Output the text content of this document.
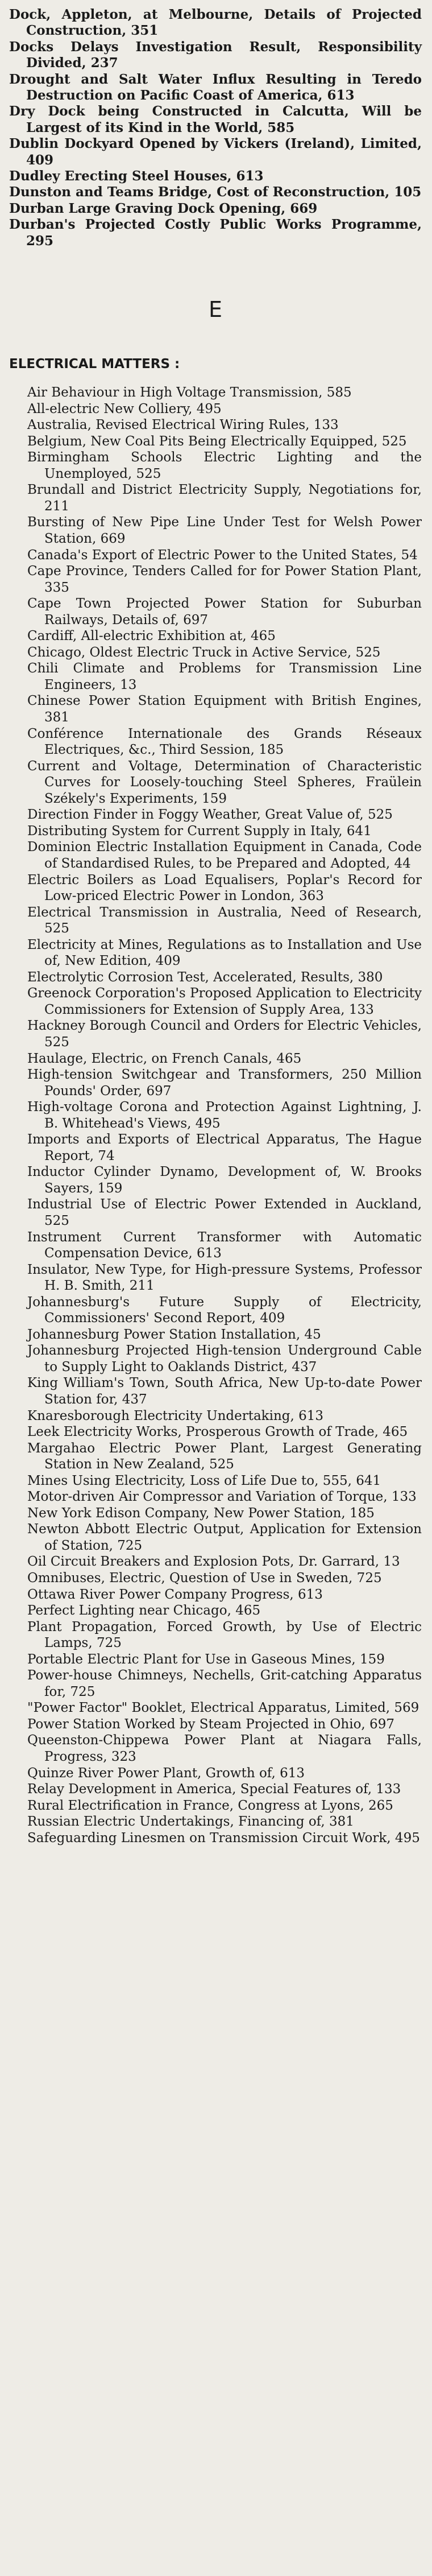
Dock, Appleton, at Melbourne, Details of Projected Construction, 351

Docks Delays Investigation Result, Responsibility Divided, 237

Drought and Salt Water Influx Resulting in Teredo Destruction on Pacific Coast of America, 613

Dry Dock being Constructed in Calcutta, Will be Largest of its Kind in the World, 585

Dublin Dockyard Opened by Vickers (Ireland), Limited, 409

Dudley Erecting Steel Houses, 613

Dunston and Teams Bridge, Cost of Reconstruction, 105

Durban Large Graving Dock Opening, 669

Durban's Projected Costly Public Works Programme, 295

E
ELECTRICAL MATTERS :

Air Behaviour in High Voltage Transmission, 585

All-electric New Colliery, 495

Australia, Revised Electrical Wiring Rules, 133

Belgium, New Coal Pits Being Electrically Equipped, 525

Birmingham Schools Electric Lighting and the Unemployed, 525

Brundall and District Electricity Supply, Negotiations for, 211

Bursting of New Pipe Line Under Test for Welsh Power Station, 669

Canada's Export of Electric Power to the United States, 54

Cape Province, Tenders Called for for Power Station Plant, 335

Cape Town Projected Power Station for Suburban Railways, Details of, 697

Cardiff, All-electric Exhibition at, 465

Chicago, Oldest Electric Truck in Active Service, 525

Chili Climate and Problems for Transmission Line Engineers, 13

Chinese Power Station Equipment with British Engines, 381

Conférence Internationale des Grands Réseaux Electriques, &c., Third Session, 185

Current and Voltage, Determination of Characteristic Curves for Loosely-touching Steel Spheres, Fraülein Székely's Experiments, 159

Direction Finder in Foggy Weather, Great Value of, 525

Distributing System for Current Supply in Italy, 641

Dominion Electric Installation Equipment in Canada, Code of Standardised Rules, to be Prepared and Adopted, 44

Electric Boilers as Load Equalisers, Poplar's Record for Low-priced Electric Power in London, 363

Electrical Transmission in Australia, Need of Research, 525

Electricity at Mines, Regulations as to Installation and Use of, New Edition, 409

Electrolytic Corrosion Test, Accelerated, Results, 380

Greenock Corporation's Proposed Application to Electricity Commissioners for Extension of Supply Area, 133

Hackney Borough Council and Orders for Electric Vehicles, 525

Haulage, Electric, on French Canals, 465

High-tension Switchgear and Transformers, 250 Million Pounds' Order, 697

High-voltage Corona and Protection Against Lightning, J. B. Whitehead's Views, 495

Imports and Exports of Electrical Apparatus, The Hague Report, 74

Inductor Cylinder Dynamo, Development of, W. Brooks Sayers, 159

Industrial Use of Electric Power Extended in Auckland, 525

Instrument Current Transformer with Automatic Compensation Device, 613

Insulator, New Type, for High-pressure Systems, Professor H. B. Smith, 211

Johannesburg's Future Supply of Electricity, Commissioners' Second Report, 409

Johannesburg Power Station Installation, 45

Johannesburg Projected High-tension Underground Cable to Supply Light to Oaklands District, 437

King William's Town, South Africa, New Up-to-date Power Station for, 437

Knaresborough Electricity Undertaking, 613

Leek Electricity Works, Prosperous Growth of Trade, 465

Margahao Electric Power Plant, Largest Generating Station in New Zealand, 525

Mines Using Electricity, Loss of Life Due to, 555, 641

Motor-driven Air Compressor and Variation of Torque, 133

New York Edison Company, New Power Station, 185

Newton Abbott Electric Output, Application for Extension of Station, 725

Oil Circuit Breakers and Explosion Pots, Dr. Garrard, 13

Omnibuses, Electric, Question of Use in Sweden, 725

Ottawa River Power Company Progress, 613

Perfect Lighting near Chicago, 465

Plant Propagation, Forced Growth, by Use of Electric Lamps, 725

Portable Electric Plant for Use in Gaseous Mines, 159

Power-house Chimneys, Nechells, Grit-catching Apparatus for, 725

"Power Factor" Booklet, Electrical Apparatus, Limited, 569

Power Station Worked by Steam Projected in Ohio, 697

Queenston-Chippewa Power Plant at Niagara Falls, Progress, 323

Quinze River Power Plant, Growth of, 613

Relay Development in America, Special Features of, 133

Rural Electrification in France, Congress at Lyons, 265

Russian Electric Undertakings, Financing of, 381

Safeguarding Linesmen on Transmission Circuit Work, 495
